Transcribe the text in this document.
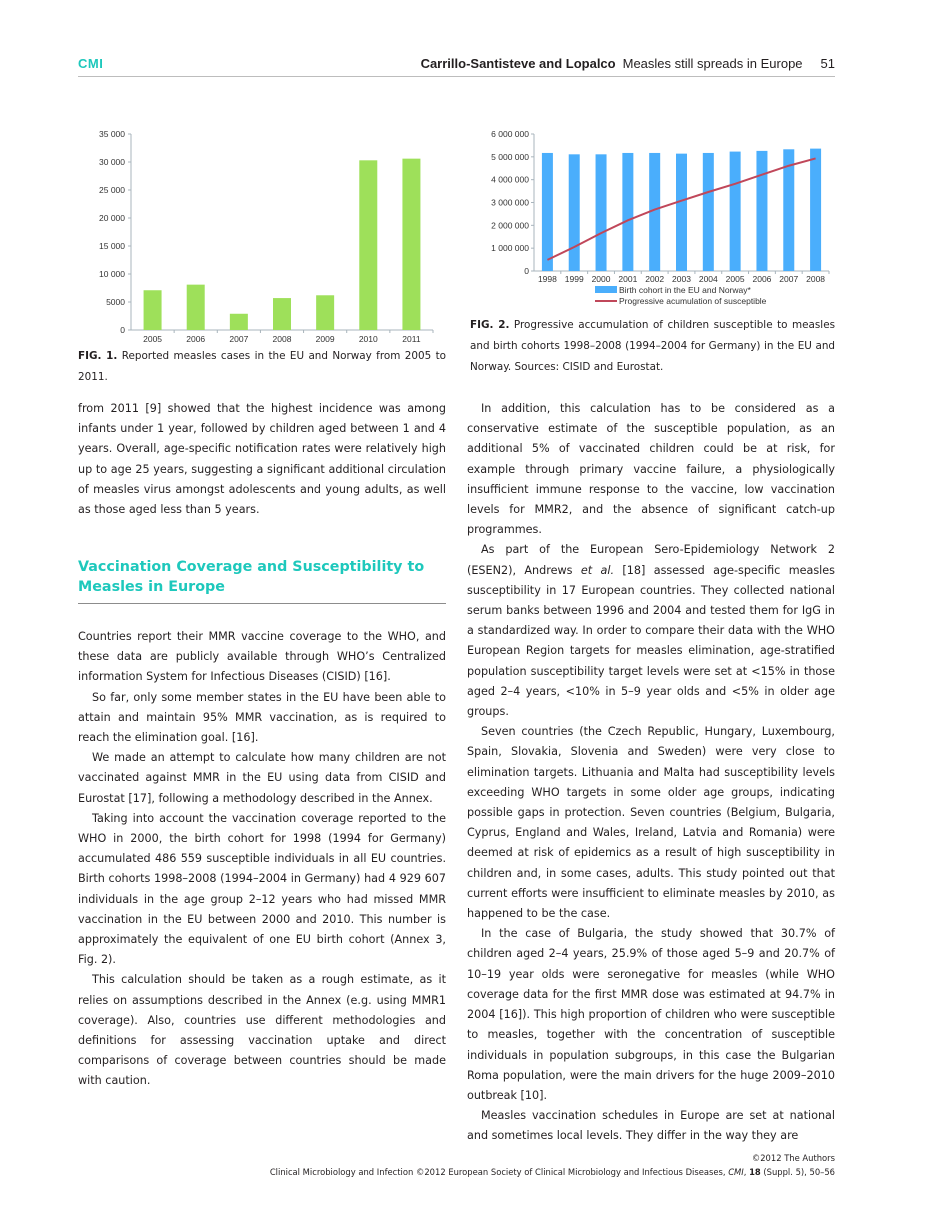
CMI	Carrillo-Santisteve and Lopalco Measles still spreads in Europe 51
0
5000
10 000
15 000
20 000
25 000
30 000
35 000
2005	2006	2007	2008	2009	2010	2011
FIG. 1. Reported measles cases in the EU and Norway from 2005 to 2011.
0
1 000 000
2 000 000
3 000 000
4 000 000
5 000 000
6 000 000
1998 1999 2000 2001 2002 2003 2004 2005 2006 2007 2008
Birth cohort in the EU and Norway*
Progressive acumulation of susceptible
FIG. 2. Progressive accumulation of children susceptible to measles and birth cohorts 1998–2008 (1994–2004 for Germany) in the EU and Norway. Sources: CISID and Eurostat.

from 2011 [9] showed that the highest incidence was among infants under 1 year, followed by children aged between 1 and 4 years. Overall, age-specific notification rates were relatively high up to age 25 years, suggesting a significant additional circulation of measles virus amongst adolescents and young adults, as well as those aged less than 5 years.

Vaccination Coverage and Susceptibility to Measles in Europe

Countries report their MMR vaccine coverage to the WHO, and these data are publicly available through WHO’s Centralized information System for Infectious Diseases (CISID) [16].

So far, only some member states in the EU have been able to attain and maintain 95% MMR vaccination, as is required to reach the elimination goal. [16].

We made an attempt to calculate how many children are not vaccinated against MMR in the EU using data from CISID and Eurostat [17], following a methodology described in the Annex.

Taking into account the vaccination coverage reported to the WHO in 2000, the birth cohort for 1998 (1994 for Germany) accumulated 486 559 susceptible individuals in all EU countries. Birth cohorts 1998–2008 (1994–2004 in Germany) had 4 929 607 individuals in the age group 2–12 years who had missed MMR vaccination in the EU between 2000 and 2010. This number is approximately the equivalent of one EU birth cohort (Annex 3, Fig. 2).

This calculation should be taken as a rough estimate, as it relies on assumptions described in the Annex (e.g. using MMR1 coverage). Also, countries use different methodologies and definitions for assessing vaccination uptake and direct comparisons of coverage between countries should be made with caution.

In addition, this calculation has to be considered as a conservative estimate of the susceptible population, as an additional 5% of vaccinated children could be at risk, for example through primary vaccine failure, a physiologically insufficient immune response to the vaccine, low vaccination levels for MMR2, and the absence of significant catch-up programmes.

As part of the European Sero-Epidemiology Network 2 (ESEN2), Andrews et al. [18] assessed age-specific measles susceptibility in 17 European countries. They collected national serum banks between 1996 and 2004 and tested them for IgG in a standardized way. In order to compare their data with the WHO European Region targets for measles elimination, age-stratified population susceptibility target levels were set at <15% in those aged 2–4 years, <10% in 5–9 year olds and <5% in older age groups.

Seven countries (the Czech Republic, Hungary, Luxembourg, Spain, Slovakia, Slovenia and Sweden) were very close to elimination targets. Lithuania and Malta had susceptibility levels exceeding WHO targets in some older age groups, indicating possible gaps in protection. Seven countries (Belgium, Bulgaria, Cyprus, England and Wales, Ireland, Latvia and Romania) were deemed at risk of epidemics as a result of high susceptibility in children and, in some cases, adults. This study pointed out that current efforts were insufficient to eliminate measles by 2010, as happened to be the case.

In the case of Bulgaria, the study showed that 30.7% of children aged 2–4 years, 25.9% of those aged 5–9 and 20.7% of 10–19 year olds were seronegative for measles (while WHO coverage data for the first MMR dose was estimated at 94.7% in 2004 [16]). This high proportion of children who were susceptible to measles, together with the concentration of susceptible individuals in population subgroups, in this case the Bulgarian Roma population, were the main drivers for the huge 2009–2010 outbreak [10].

Measles vaccination schedules in Europe are set at national and sometimes local levels. They differ in the way they are

©2012 The Authors
Clinical Microbiology and Infection ©2012 European Society of Clinical Microbiology and Infectious Diseases, CMI, 18 (Suppl. 5), 50–56
